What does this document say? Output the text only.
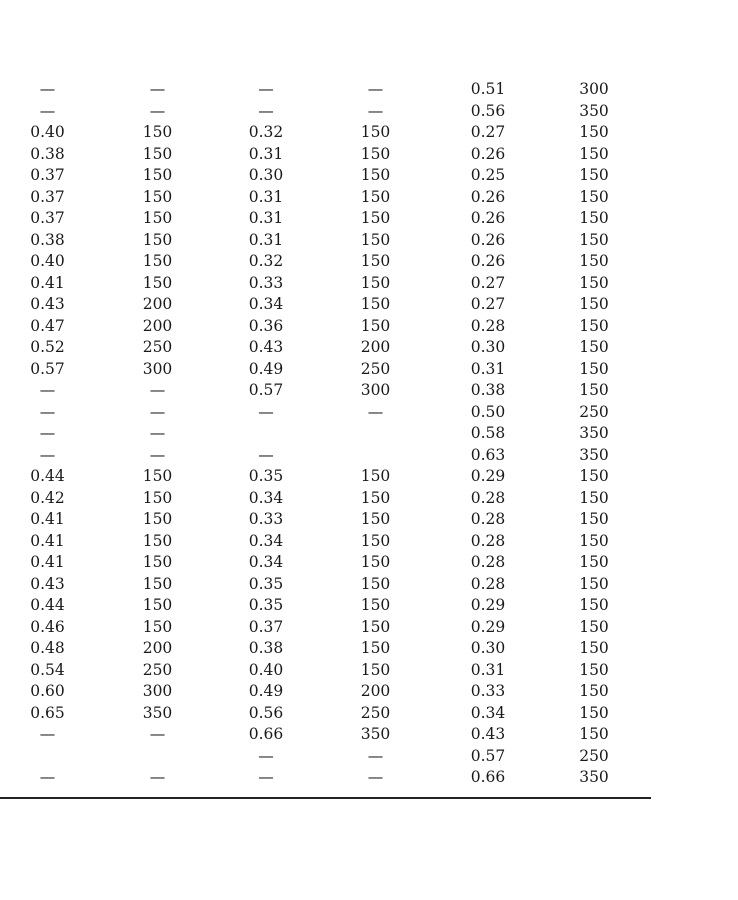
—	—	—	—	0.51	300
—	—	—	—	0.56	350
0.40	150	0.32	150	0.27	150
0.38	150	0.31	150	0.26	150
0.37	150	0.30	150	0.25	150
0.37	150	0.31	150	0.26	150
0.37	150	0.31	150	0.26	150
0.38	150	0.31	150	0.26	150
0.40	150	0.32	150	0.26	150
0.41	150	0.33	150	0.27	150
0.43	200	0.34	150	0.27	150
0.47	200	0.36	150	0.28	150
0.52	250	0.43	200	0.30	150
0.57	300	0.49	250	0.31	150
—	—	0.57	300	0.38	150
—	—	—	—	0.50	250
—	—			0.58	350
—	—	—		0.63	350
0.44	150	0.35	150	0.29	150
0.42	150	0.34	150	0.28	150
0.41	150	0.33	150	0.28	150
0.41	150	0.34	150	0.28	150
0.41	150	0.34	150	0.28	150
0.43	150	0.35	150	0.28	150
0.44	150	0.35	150	0.29	150
0.46	150	0.37	150	0.29	150
0.48	200	0.38	150	0.30	150
0.54	250	0.40	150	0.31	150
0.60	300	0.49	200	0.33	150
0.65	350	0.56	250	0.34	150
—	—	0.66	350	0.43	150
		—	—	0.57	250
—	—	—	—	0.66	350
